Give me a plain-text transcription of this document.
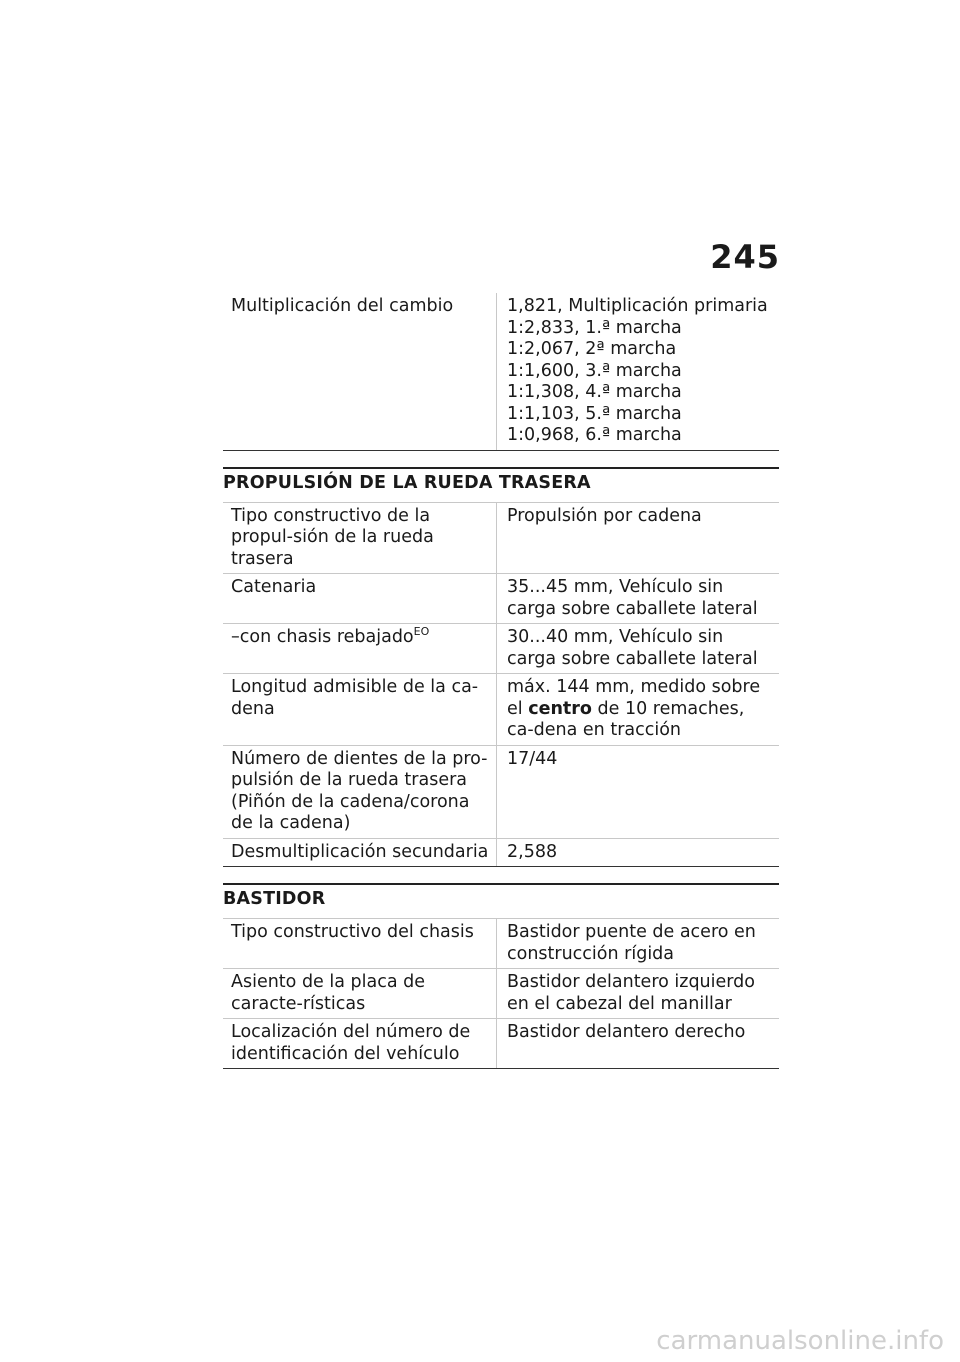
245
Multiplicación del cambio	1,821, Multiplicación primaria
1:2,833, 1.ª marcha
1:2,067, 2ª marcha
1:1,600, 3.ª marcha
1:1,308, 4.ª marcha
1:1,103, 5.ª marcha
1:0,968, 6.ª marcha
PROPULSIÓN DE LA RUEDA TRASERA
Tipo constructivo de la propul-sión de la rueda trasera	Propulsión por cadena
Catenaria	35...45 mm, Vehículo sin carga sobre caballete lateral
–con chasis rebajado$^{EO}$	30...40 mm, Vehículo sin carga sobre caballete lateral
Longitud admisible de la ca-dena	máx. 144 mm, medido sobre el centro de 10 remaches, ca-dena en tracción
Número de dientes de la pro-pulsión de la rueda trasera (Piñón de la cadena/corona de la cadena)	17/44
Desmultiplicación secundaria	2,588
BASTIDOR
Tipo constructivo del chasis	Bastidor puente de acero en construcción rígida
Asiento de la placa de caracte-rísticas	Bastidor delantero izquierdo en el cabezal del manillar
Localización del número de identificación del vehículo	Bastidor delantero derecho
carmanualsonline.info
